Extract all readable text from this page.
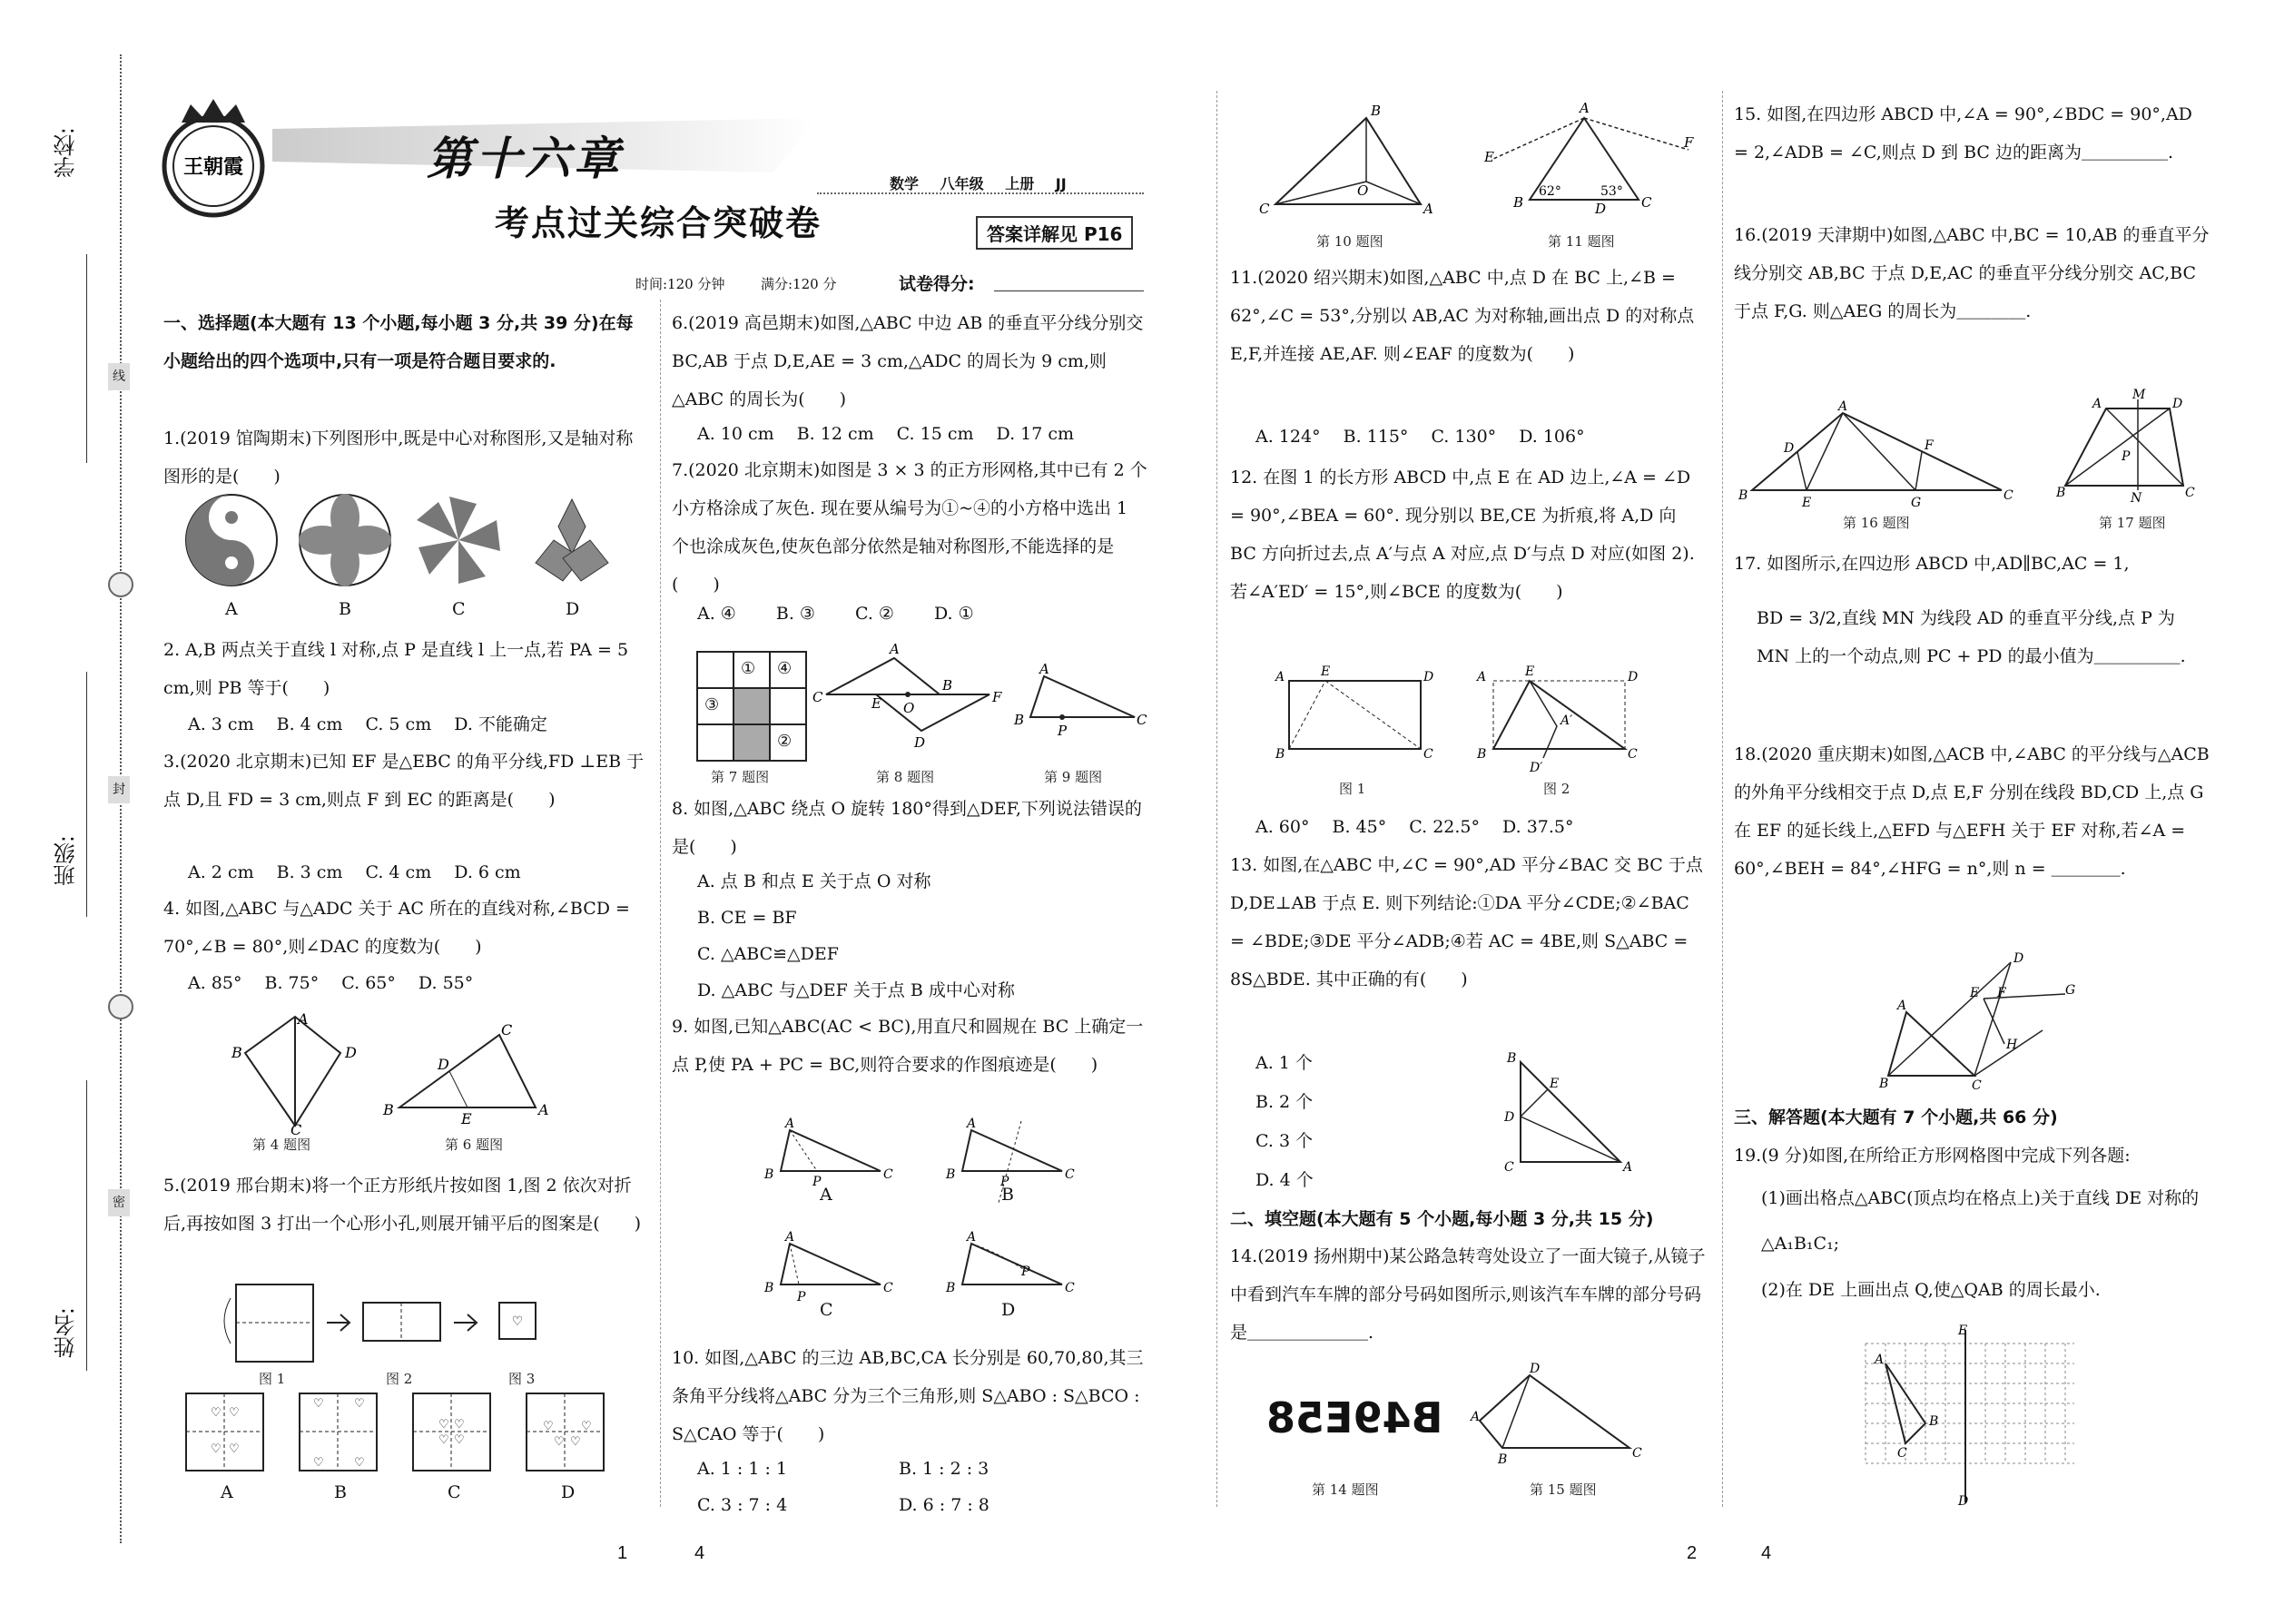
学校:
班级:
姓名:
线
封
密
王朝霞	第十六章
考点过关综合突破卷
数学 八年级 上册 JJ
答案详解见 P16
时间:120 分钟	满分:120 分	试卷得分:
一、选择题(本大题有 13 个小题,每小题 3 分,共 39 分)在每小题给出的四个选项中,只有一项是符合题目要求的.
1.(2019 馆陶期末)下列图形中,既是中心对称图形,又是轴对称图形的是(　　)
A	B	C	D
2. A,B 两点关于直线 l 对称,点 P 是直线 l 上一点,若 PA = 5 cm,则 PB 等于(　　)
A. 3 cm　 B. 4 cm　 C. 5 cm　 D. 不能确定
3.(2020 北京期末)已知 EF 是△EBC 的角平分线,FD ⊥EB 于点 D,且 FD = 3 cm,则点 F 到 EC 的距离是(　　)
A. 2 cm　 B. 3 cm　 C. 4 cm　 D. 6 cm
4. 如图,△ABC 与△ADC 关于 AC 所在的直线对称,∠BCD = 70°,∠B = 80°,则∠DAC 的度数为(　　)
A. 85°　 B. 75°　 C. 65°　 D. 55°
A
B	D
C
第 4 题图
B	A
C
E
D
第 6 题图
5.(2019 邢台期末)将一个正方形纸片按如图 1,图 2 依次对折后,再按如图 3 打出一个心形小孔,则展开铺平后的图案是(　　)
♡
图 1	图 2	图 3
♡ ♡
♡ ♡
♡	♡
♡	♡
♡ ♡
♡ ♡
♡ ♡
♡ ♡
A	B	C	D
6.(2019 高邑期末)如图,△ABC 中边 AB 的垂直平分线分别交 BC,AB 于点 D,E,AE = 3 cm,△ADC 的周长为 9 cm,则△ABC 的周长为(　　)
A. 10 cm　 B. 12 cm　 C. 15 cm　 D. 17 cm
7.(2020 北京期末)如图是 3 × 3 的正方形网格,其中已有 2 个小方格涂成了灰色. 现在要从编号为①~④的小方格中选出 1 个也涂成灰色,使灰色部分依然是轴对称图形,不能选择的是(　　)
A. ④　　 B. ③　　 C. ②　　 D. ①
① ④
③
②
A
C
B
F
E O
D
A
B	C
P
第 7 题图	第 8 题图	第 9 题图
8. 如图,△ABC 绕点 O 旋转 180°得到△DEF,下列说法错误的是(　　)
A. 点 B 和点 E 关于点 O 对称
B. CE = BF
C. △ABC≌△DEF
D. △ABC 与△DEF 关于点 B 成中心对称
9. 如图,已知△ABC(AC < BC),用直尺和圆规在 BC 上确定一点 P,使 PA + PC = BC,则符合要求的作图痕迹是(　　)
A
B	C
P
A
B	C
P
A
B	C
P
A
B	C
P
A	B
C	D
10. 如图,△ABC 的三边 AB,BC,CA 长分别是 60,70,80,其三条角平分线将△ABC 分为三个三角形,则 S△ABO : S△BCO : S△CAO 等于(　　)
A. 1 : 1 : 1	B. 1 : 2 : 3
C. 3 : 7 : 4	D. 6 : 7 : 8
B
C	A
O
第 10 题图
A
E
F
B	C
D
62°	53°
第 11 题图
11.(2020 绍兴期末)如图,△ABC 中,点 D 在 BC 上,∠B = 62°,∠C = 53°,分别以 AB,AC 为对称轴,画出点 D 的对称点 E,F,并连接 AE,AF. 则∠EAF 的度数为(　　)
A. 124°　 B. 115°　 C. 130°　 D. 106°
12. 在图 1 的长方形 ABCD 中,点 E 在 AD 边上,∠A = ∠D = 90°,∠BEA = 60°. 现分别以 BE,CE 为折痕,将 A,D 向 BC 方向折过去,点 A′与点 A 对应,点 D′与点 D 对应(如图 2). 若∠A′ED′ = 15°,则∠BCE 的度数为(　　)
A	E	D
B	C
A	E	D
B	C
A′
D′
图 1	图 2
A. 60°　 B. 45°　 C. 22.5°　 D. 37.5°
13. 如图,在△ABC 中,∠C = 90°,AD 平分∠BAC 交 BC 于点 D,DE⊥AB 于点 E. 则下列结论:①DA 平分∠CDE;②∠BAC = ∠BDE;③DE 平分∠ADB;④若 AC = 4BE,则 S△ABC = 8S△BDE. 其中正确的有(　　)
A. 1 个
B. 2 个
C. 3 个
D. 4 个
B
E
D
C	A
二、填空题(本大题有 5 个小题,每小题 3 分,共 15 分)
14.(2019 扬州期中)某公路急转弯处设立了一面大镜子,从镜子中看到汽车车牌的部分号码如图所示,则该汽车车牌的部分号码是＿＿＿＿＿＿＿.
B49E58
D
A
B	C
第 14 题图	第 15 题图
15. 如图,在四边形 ABCD 中,∠A = 90°,∠BDC = 90°,AD = 2,∠ADB = ∠C,则点 D 到 BC 边的距离为＿＿＿＿＿.
16.(2019 天津期中)如图,△ABC 中,BC = 10,AB 的垂直平分线分别交 AB,BC 于点 D,E,AC 的垂直平分线分别交 AC,BC 于点 F,G. 则△AEG 的周长为＿＿＿＿.
A
B	C
D
E
F
G
A	D
M
B	C
N
P
第 16 题图	第 17 题图
17. 如图所示,在四边形 ABCD 中,AD∥BC,AC = 1,
BD = 3/2,直线 MN 为线段 AD 的垂直平分线,点 P 为 MN 上的一个动点,则 PC + PD 的最小值为＿＿＿＿＿.
18.(2020 重庆期末)如图,△ACB 中,∠ABC 的平分线与△ACB 的外角平分线相交于点 D,点 E,F 分别在线段 BD,CD 上,点 G 在 EF 的延长线上,△EFD 与△EFH 关于 EF 对称,若∠A = 60°,∠BEH = 84°,∠HFG = n°,则 n = ＿＿＿＿.
D
E F	G
H
A
B	C
三、解答题(本大题有 7 个小题,共 66 分)
19.(9 分)如图,在所给正方形网格图中完成下列各题:
(1)画出格点△ABC(顶点均在格点上)关于直线 DE 对称的△A₁B₁C₁;
(2)在 DE 上画出点 Q,使△QAB 的周长最小.
A
B
C
E
D
1	4	2	4
